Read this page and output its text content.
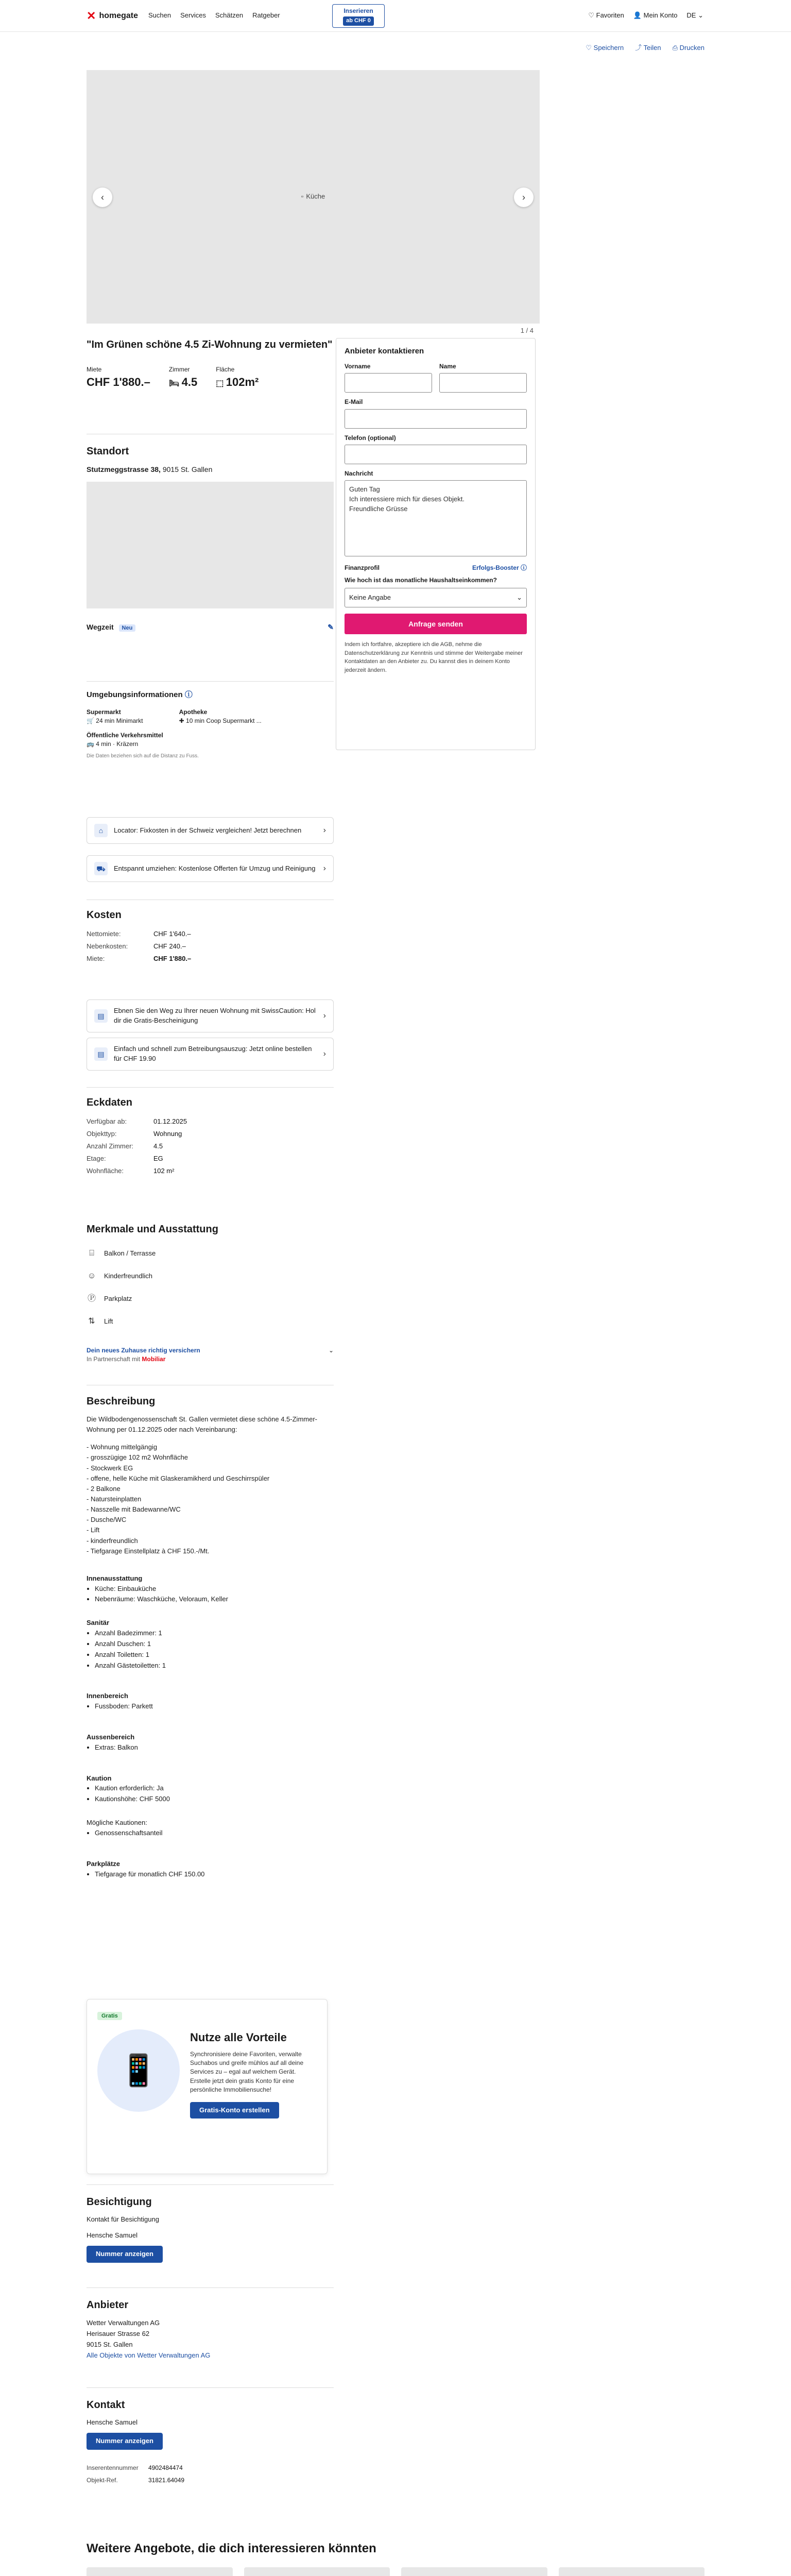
✕ homegate Suchen Services Schätzen Ratgeber
Inserieren
ab CHF 0
♡ Favoriten 👤 Mein Konto DE ⌄
♡ Speichern ⤴ Teilen ⎙ Drucken
▫ Küche
‹	›
1 / 4
"Im Grünen schöne 4.5 Zi-Wohnung zu vermieten"
Miete
CHF 1'880.–
Zimmer
🛏 4.5
Fläche
⬚ 102m²
Anbieter kontaktieren
Vorname	Name
E-Mail
Telefon (optional)
Nachricht
Guten Tag
Ich interessiere mich für dieses Objekt.
Freundliche Grüsse
Finanzprofil	Erfolgs-Booster ⓘ
Wie hoch ist das monatliche Haushaltseinkommen?
Keine Angabe	⌄
Anfrage senden
Indem ich fortfahre, akzeptiere ich die AGB, nehme die Datenschutzerklärung zur Kenntnis und stimme der Weitergabe meiner Kontaktdaten an den Anbieter zu. Du kannst dies in deinem Konto jederzeit ändern.
Standort
Stutzmeggstrasse 38, 9015 St. Gallen
Wegzeit Neu	✎
Umgebungsinformationen ⓘ
Supermarkt
🛒 24 min Minimarkt
Apotheke
✚ 10 min Coop Supermarkt ...
Öffentliche Verkehrsmittel
🚌 4 min · Kräzern
Die Daten beziehen sich auf die Distanz zu Fuss.
⌂	Locator: Fixkosten in der Schweiz vergleichen! Jetzt berechnen	›
⛟	Entspannt umziehen: Kostenlose Offerten für Umzug und Reinigung ›
Kosten
Nettomiete:	CHF 1'640.–
Nebenkosten:	CHF 240.–
Miete:	CHF 1'880.–
▤
Ebnen Sie den Weg zu Ihrer neuen Wohnung mit SwissCaution: Hol dir die Gratis-Bescheinigung
›
▤
Einfach und schnell zum Betreibungsauszug: Jetzt online bestellen für CHF 19.90
›
Eckdaten
Verfügbar ab:	01.12.2025
Objekttyp:	Wohnung
Anzahl Zimmer:	4.5
Etage:	EG
Wohnfläche:	102 m²
Merkmale und Ausstattung
⌸	Balkon / Terrasse
☺ Kinderfreundlich
Ⓟ Parkplatz
⇅ Lift
Dein neues Zuhause richtig versichern
In Partnerschaft mit Mobiliar
⌄
Beschreibung
Die Wildbodengenossenschaft St. Gallen vermietet diese schöne 4.5-Zimmer-Wohnung per 01.12.2025 oder nach Vereinbarung:
- Wohnung mittelgängig
- grosszügige 102 m2 Wohnfläche
- Stockwerk EG
- offene, helle Küche mit Glaskeramikherd und Geschirrspüler
- 2 Balkone
- Natursteinplatten
- Nasszelle mit Badewanne/WC
- Dusche/WC
- Lift
- kinderfreundlich
- Tiefgarage Einstellplatz à CHF 150.-/Mt.
Innenausstattung
• Küche: Einbauküche
• Nebenräume: Waschküche, Veloraum, Keller
Sanitär
• Anzahl Badezimmer: 1
• Anzahl Duschen: 1
• Anzahl Toiletten: 1
• Anzahl Gästetoiletten: 1
Innenbereich
• Fussboden: Parkett
Aussenbereich
• Extras: Balkon
Kaution
• Kaution erforderlich: Ja
• Kautionshöhe: CHF 5000
Mögliche Kautionen:
• Genossenschaftsanteil
Parkplätze
• Tiefgarage für monatlich CHF 150.00
Gratis
📱
Nutze alle Vorteile
Synchronisiere deine Favoriten, verwalte Suchabos und greife mühlos auf all deine Services zu – egal auf welchem Gerät. Erstelle jetzt dein gratis Konto für eine persönliche Immobiliensuche!
Gratis-Konto erstellen
Besichtigung
Kontakt für Besichtigung
Hensche Samuel
Nummer anzeigen
Anbieter
Wetter Verwaltungen AG
Herisauer Strasse 62
9015 St. Gallen
Alle Objekte von Wetter Verwaltungen AG
Kontakt
Hensche Samuel
Nummer anzeigen
Inserentennummer	4902484474
Objekt-Ref.	31821.64049
Weitere Angebote, die dich interessieren könnten
